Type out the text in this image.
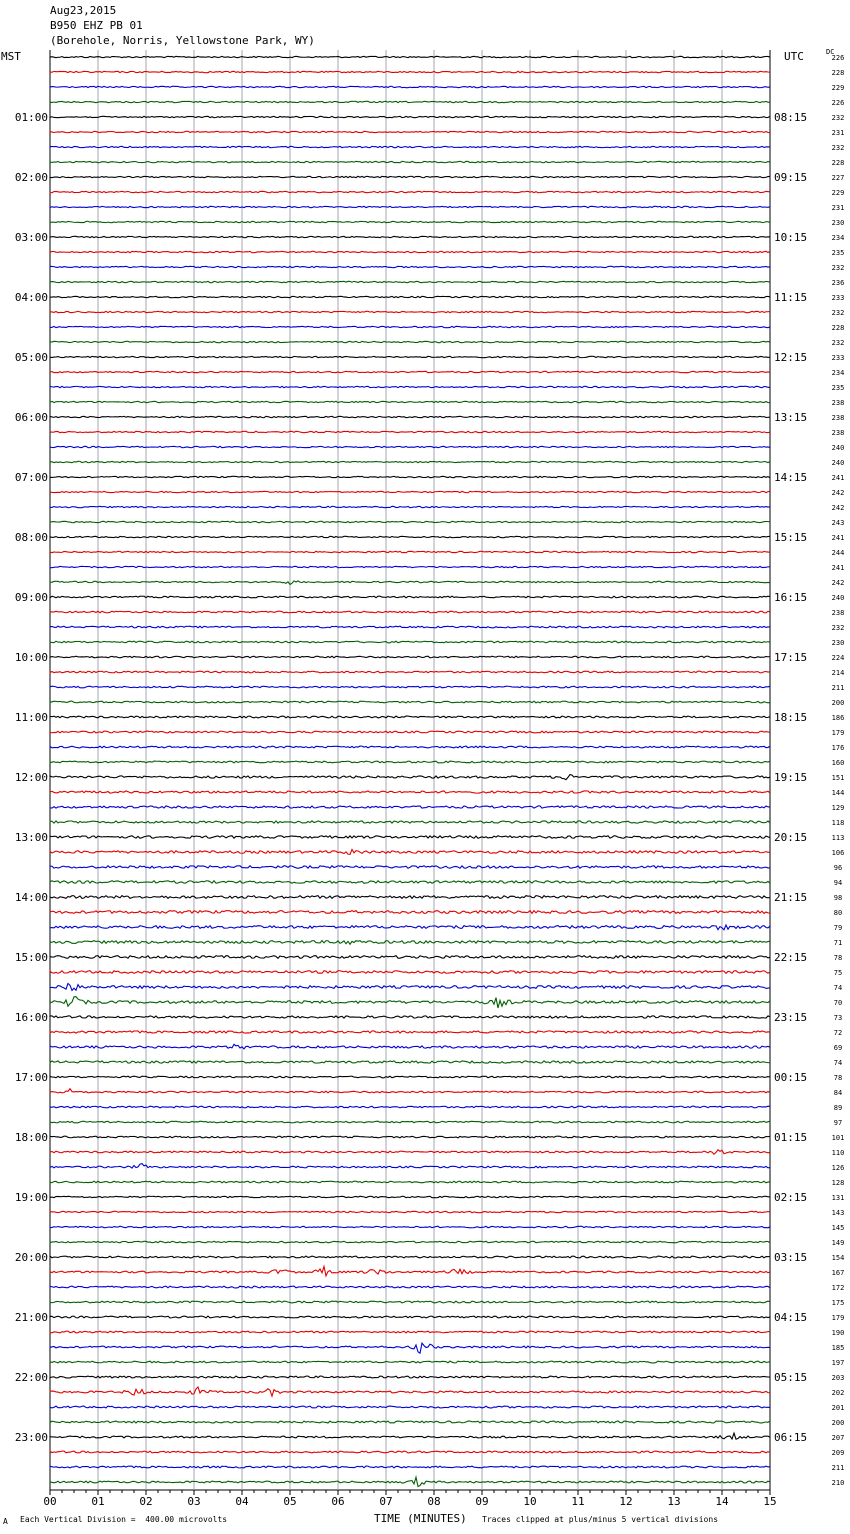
Aug23,2015
B950 EHZ PB 01
(Borehole, Norris, Yellowstone Park, WY)
MST	UTC	DC
226
228
229
226
232
01:00	08:15
231
232
228
227
02:00	09:15
229
231
230
234
03:00	10:15
235
232
236
233
04:00	11:15
232
228
232
233
05:00	12:15
234
235
238
238
06:00	13:15
238
240
240
241
07:00	14:15
242
242
243
241
08:00	15:15
244
241
242
240
09:00	16:15
238
232
230
224
10:00	17:15
214
211
200
186
11:00	18:15
179
176
160
151
12:00	19:15
144
129
118
113
13:00	20:15
106
96
94
98
14:00	21:15
80
79
71
78
15:00	22:15
75
74
70
73
16:00	23:15
72
69
74
78
17:00	00:15
84
89
97
101
18:00	01:15
110
126
128
131
19:00	02:15
143
145
149
154
20:00	03:15
167
172
175
179
21:00	04:15
190
185
197
203
22:00	05:15
202
201
200
207
23:00	06:15
209
211
210
00	01	02	03	04	05	06	07	08	09	10	11	12	13	14	15
A Each Vertical Division =  400.00 microvolts	TIME (MINUTES) Traces clipped at plus/minus 5 vertical divisions
